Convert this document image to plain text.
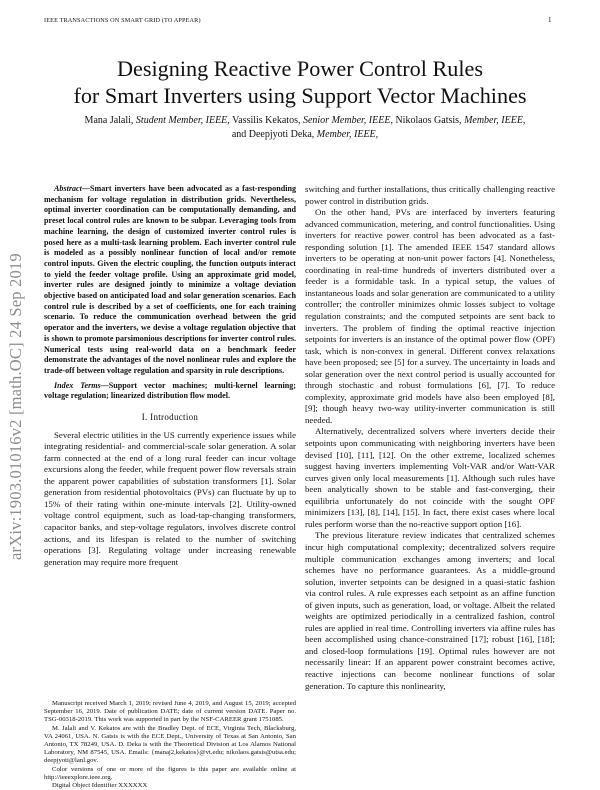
IEEE TRANSACTIONS ON SMART GRID (TO APPEAR)	1
Designing Reactive Power Control Rules
for Smart Inverters using Support Vector Machines
Mana Jalali, Student Member, IEEE, Vassilis Kekatos, Senior Member, IEEE, Nikolaos Gatsis, Member, IEEE,
and Deepjyoti Deka, Member, IEEE,
Abstract—Smart inverters have been advocated as a fast-responding mechanism for voltage regulation in distribution grids. Nevertheless, optimal inverter coordination can be computationally demanding, and preset local control rules are known to be subpar. Leveraging tools from machine learning, the design of customized inverter control rules is posed here as a multi-task learning problem. Each inverter control rule is modeled as a possibly nonlinear function of local and/or remote control inputs. Given the electric coupling, the function outputs interact to yield the feeder voltage profile. Using an approximate grid model, inverter rules are designed jointly to minimize a voltage deviation objective based on anticipated load and solar generation scenarios. Each control rule is described by a set of coefficients, one for each training scenario. To reduce the communication overhead between the grid operator and the inverters, we devise a voltage regulation objective that is shown to promote parsimonious descriptions for inverter control rules. Numerical tests using real-world data on a benchmark feeder demonstrate the advantages of the novel nonlinear rules and explore the trade-off between voltage regulation and sparsity in rule descriptions.
Index Terms—Support vector machines; multi-kernel learning; voltage regulation; linearized distribution flow model.
I. Introduction

Several electric utilities in the US currently experience issues while integrating residential- and commercial-scale solar generation. A solar farm connected at the end of a long rural feeder can incur voltage excursions along the feeder, while frequent power flow reversals strain the apparent power capabilities of substation transformers [1]. Solar generation from residential photovoltaics (PVs) can fluctuate by up to 15% of their rating within one-minute intervals [2]. Utility-owned voltage control equipment, such as load-tap-changing transformers, capacitor banks, and step-voltage regulators, involves discrete control actions, and its lifespan is related to the number of switching operations [3]. Regulating voltage under increasing renewable generation may require more frequent

Manuscript received March 1, 2019; revised June 4, 2019, and August 15, 2019; accepted September 16, 2019. Date of publication DATE; date of current version DATE. Paper no. TSG-00318-2019. This work was supported in part by the NSF-CAREER grant 1751085.
M. Jalali and V. Kekatos are with the Bradley Dept. of ECE, Virginia Tech, Blacksburg, VA 24061, USA. N. Gatsis is with the ECE Dept., University of Texas at San Antonio, San Antonio, TX 78249, USA. D. Deka is with the Theoretical Division at Los Alamos National Laboratory, NM 87545, USA. Emails: {manaj2,kekatos}@vt.edu; nikolaos.gatsis@utsa.edu; deepjyoti@lanl.gov.
Color versions of one or more of the figures is this paper are available online at http://ieeexplore.ieee.org.
Digital Object Identifier XXXXXX

switching and further installations, thus critically challenging reactive power control in distribution grids.

On the other hand, PVs are interfaced by inverters featuring advanced communication, metering, and control functionalities. Using inverters for reactive power control has been advocated as a fast-responding solution [1]. The amended IEEE 1547 standard allows inverters to be operating at non-unit power factors [4]. Nonetheless, coordinating in real-time hundreds of inverters distributed over a feeder is a formidable task. In a typical setup, the values of instantaneous loads and solar generation are communicated to a utility controller; the controller minimizes ohmic losses subject to voltage regulation constraints; and the computed setpoints are sent back to inverters. The problem of finding the optimal reactive injection setpoints for inverters is an instance of the optimal power flow (OPF) task, which is non-convex in general. Different convex relaxations have been proposed; see [5] for a survey. The uncertainty in loads and solar generation over the next control period is usually accounted for through stochastic and robust formulations [6], [7]. To reduce complexity, approximate grid models have also been employed [8], [9]; though heavy two-way utility-inverter communication is still needed.

Alternatively, decentralized solvers where inverters decide their setpoints upon communicating with neighboring inverters have been devised [10], [11], [12]. On the other extreme, localized schemes suggest having inverters implementing Volt-VAR and/or Watt-VAR curves given only local measurements [1]. Although such rules have been analytically shown to be stable and fast-converging, their equilibria unfortunately do not coincide with the sought OPF minimizers [13], [8], [14], [15]. In fact, there exist cases where local rules perform worse than the no-reactive support option [16].

The previous literature review indicates that centralized schemes incur high computational complexity; decentralized solvers require multiple communication exchanges among inverters; and local schemes have no performance guarantees. As a middle-ground solution, inverter setpoints can be designed in a quasi-static fashion via control rules. A rule expresses each setpoint as an affine function of given inputs, such as generation, load, or voltage. Albeit the related weights are optimized periodically in a centralized fashion, control rules are applied in real time. Controlling inverters via affine rules has been accomplished using chance-constrained [17]; robust [16], [18]; and closed-loop formulations [19]. Optimal rules however are not necessarily linear: If an apparent power constraint becomes active, reactive injections can become nonlinear functions of solar generation. To capture this nonlinearity,

arXiv:1903.01016v2 [math.OC] 24 Sep 2019
